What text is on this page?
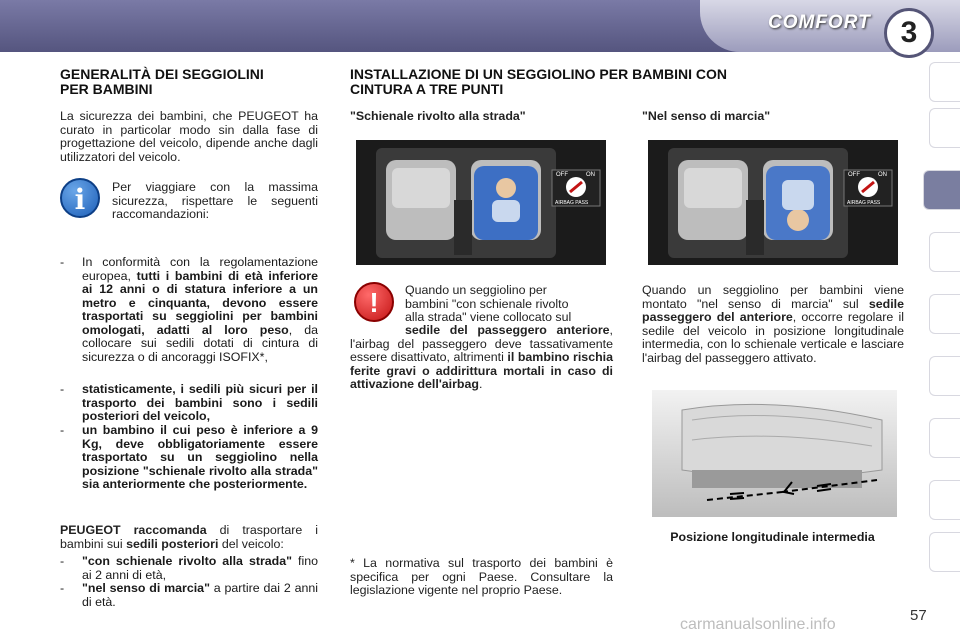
COMFORT 3
GENERALITÀ DEI SEGGIOLINI
PER BAMBINI
La sicurezza dei bambini, che PEUGEOT ha curato in particolar modo sin dalla fase di progettazione del veicolo, dipende anche dagli utilizzatori del veicolo.
i	Per viaggiare con la massima sicurezza, rispettare le seguenti raccomandazioni:
- In conformità con la regolamentazione europea, tutti i bambini di età inferiore ai 12 anni o di statura inferiore a un metro e cinquanta, devono essere trasportati su seggiolini per bambini omologati, adatti al loro peso, da collocare sui sedili dotati di cintura di sicurezza o di ancoraggi ISOFIX*,
- statisticamente, i sedili più sicuri per il trasporto dei bambini sono i sedili posteriori del veicolo,
- un bambino il cui peso è inferiore a 9 Kg, deve obbligatoriamente essere trasportato su un seggiolino nella posizione "schienale rivolto alla strada" sia anteriormente che posteriormente.
PEUGEOT raccomanda di trasportare i bambini sui sedili posteriori del veicolo:
- "con schienale rivolto alla strada" fino ai 2 anni di età,
- "nel senso di marcia" a partire dai 2 anni di età.
INSTALLAZIONE DI UN SEGGIOLINO PER BAMBINI CON
CINTURA A TRE PUNTI
"Schienale rivolto alla strada"	"Nel senso di marcia"
OFF	ON
AIRBAG PASS
OFF	ON
AIRBAG PASS
!	Quando un seggiolino per
bambini "con schienale rivolto
alla strada" viene collocato sul
sedile del passeggero anteriore, l'airbag del passeggero deve tassativamente essere disattivato, altrimenti il bambino rischia ferite gravi o addirittura mortali in caso di attivazione dell'airbag.
Quando un seggiolino per bambini viene montato "nel senso di marcia" sul sedile passeggero del anteriore, occorre regolare il sedile del veicolo in posizione longitudinale intermedia, con lo schienale verticale e lasciare l'airbag del passeggero attivato.
Posizione longitudinale intermedia
* La normativa sul trasporto dei bambini è specifica per ogni Paese. Consultare la legislazione vigente nel proprio Paese.
57
carmanualsonline.info
